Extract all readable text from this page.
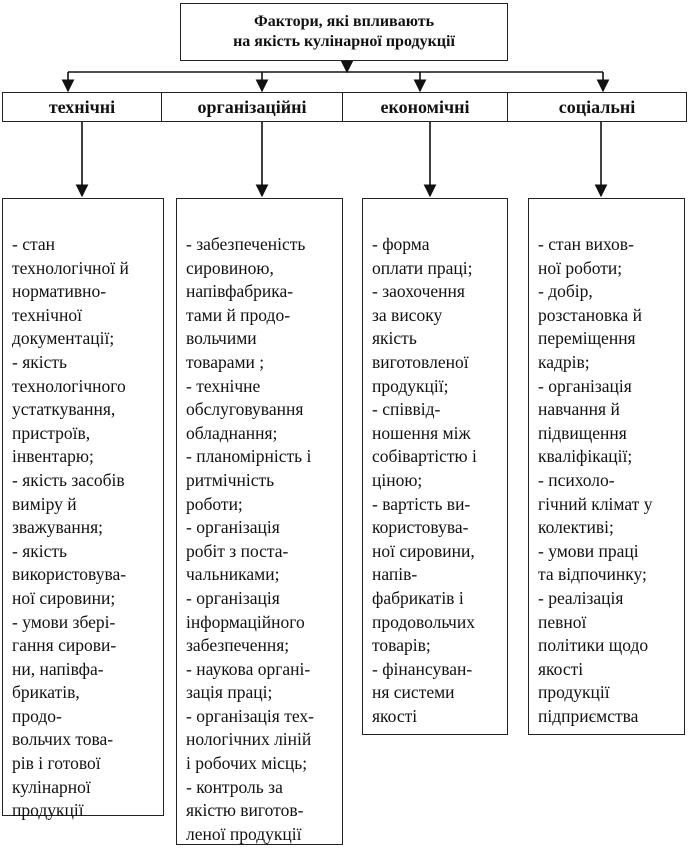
Фактори, які впливають
на якість кулінарної продукції
технічні	організаційні	економічні	соціальні
- стан
технологічної й
нормативно-
технічної
документації;
- якість
технологічного
устаткування,
пристроїв,
інвентарю;
- якість засобів
виміру й
зважування;
- якість
використовува-
ної сировини;
- умови збері-
гання сирови-
ни, напівфа-
брикатів,
продо-
вольчих това-
рів і готової
кулінарної
продукції
- забезпеченість
сировиною,
напівфабрика-
тами й продо-
вольчими
товарами ;
- технічне
обслуговування
обладнання;
- планомірність і
ритмічність
роботи;
- організація
робіт з поста-
чальниками;
- організація
інформаційного
забезпечення;
- наукова органі-
зація праці;
- організація тех-
нологічних ліній
і робочих місць;
- контроль за
якістю виготов-
леної продукції
- форма
оплати праці;
- заохочення
за високу
якість
виготовленої
продукції;
- співвід-
ношення між
собівартістю і
ціною;
- вартість ви-
користовува-
ної сировини,
напів-
фабрикатів і
продовольчих
товарів;
- фінансуван-
ня системи
якості
- стан вихов-
ної роботи;
- добір,
розстановка й
переміщення
кадрів;
- організація
навчання й
підвищення
кваліфікації;
- психоло-
гічний клімат у
колективі;
- умови праці
та відпочинку;
- реалізація
певної
політики щодо
якості
продукції
підприємства
